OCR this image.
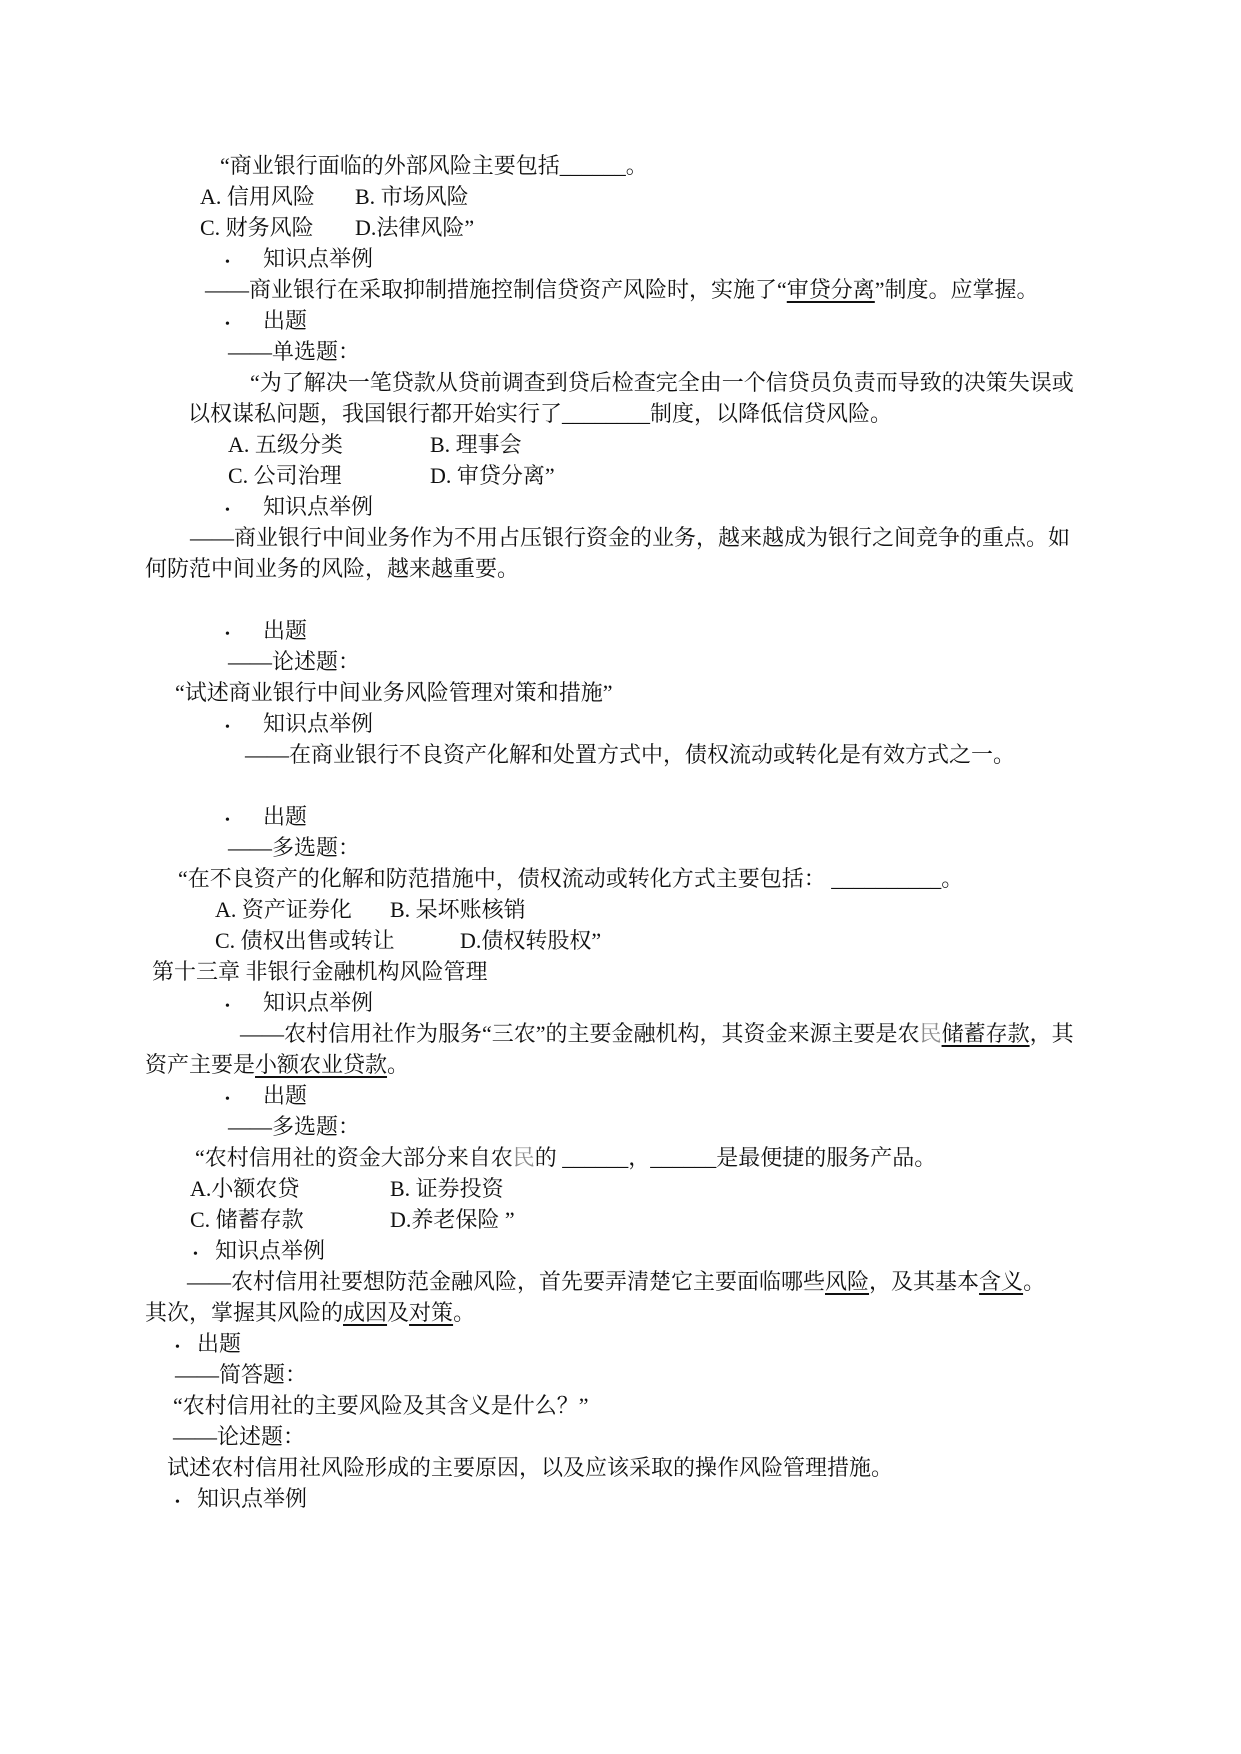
“商业银行面临的外部风险主要包括______。
A. 信用风险 B. 市场风险
C. 财务风险 D.法律风险”
• 知识点举例
——商业银行在采取抑制措施控制信贷资产风险时，实施了“审贷分离”制度。应掌握。
• 出题
——单选题：
“为了解决一笔贷款从贷前调查到贷后检查完全由一个信贷员负责而导致的决策失误或
以权谋私问题，我国银行都开始实行了________制度，以降低信贷风险。
A. 五级分类	B. 理事会
C. 公司治理	D. 审贷分离”
• 知识点举例
——商业银行中间业务作为不用占压银行资金的业务，越来越成为银行之间竞争的重点。如
何防范中间业务的风险，越来越重要。

• 出题
——论述题：
“试述商业银行中间业务风险管理对策和措施”
• 知识点举例
——在商业银行不良资产化解和处置方式中，债权流动或转化是有效方式之一。

• 出题
——多选题：
“在不良资产的化解和防范措施中，债权流动或转化方式主要包括： __________。
A. 资产证券化 B. 呆坏账核销
C. 债权出售或转让	D.债权转股权”
第十三章 非银行金融机构风险管理
• 知识点举例
——农村信用社作为服务“三农”的主要金融机构，其资金来源主要是农民储蓄存款，其
资产主要是小额农业贷款。
• 出题
——多选题：
“农村信用社的资金大部分来自农民的 ______，______是最便捷的服务产品。
A.小额农贷	B. 证券投资
C. 储蓄存款	D.养老保险 ”
• 知识点举例
——农村信用社要想防范金融风险，首先要弄清楚它主要面临哪些风险，及其基本含义。
其次，掌握其风险的成因及对策。
• 出题
——简答题：
“农村信用社的主要风险及其含义是什么？”
——论述题：
试述农村信用社风险形成的主要原因，以及应该采取的操作风险管理措施。
• 知识点举例
